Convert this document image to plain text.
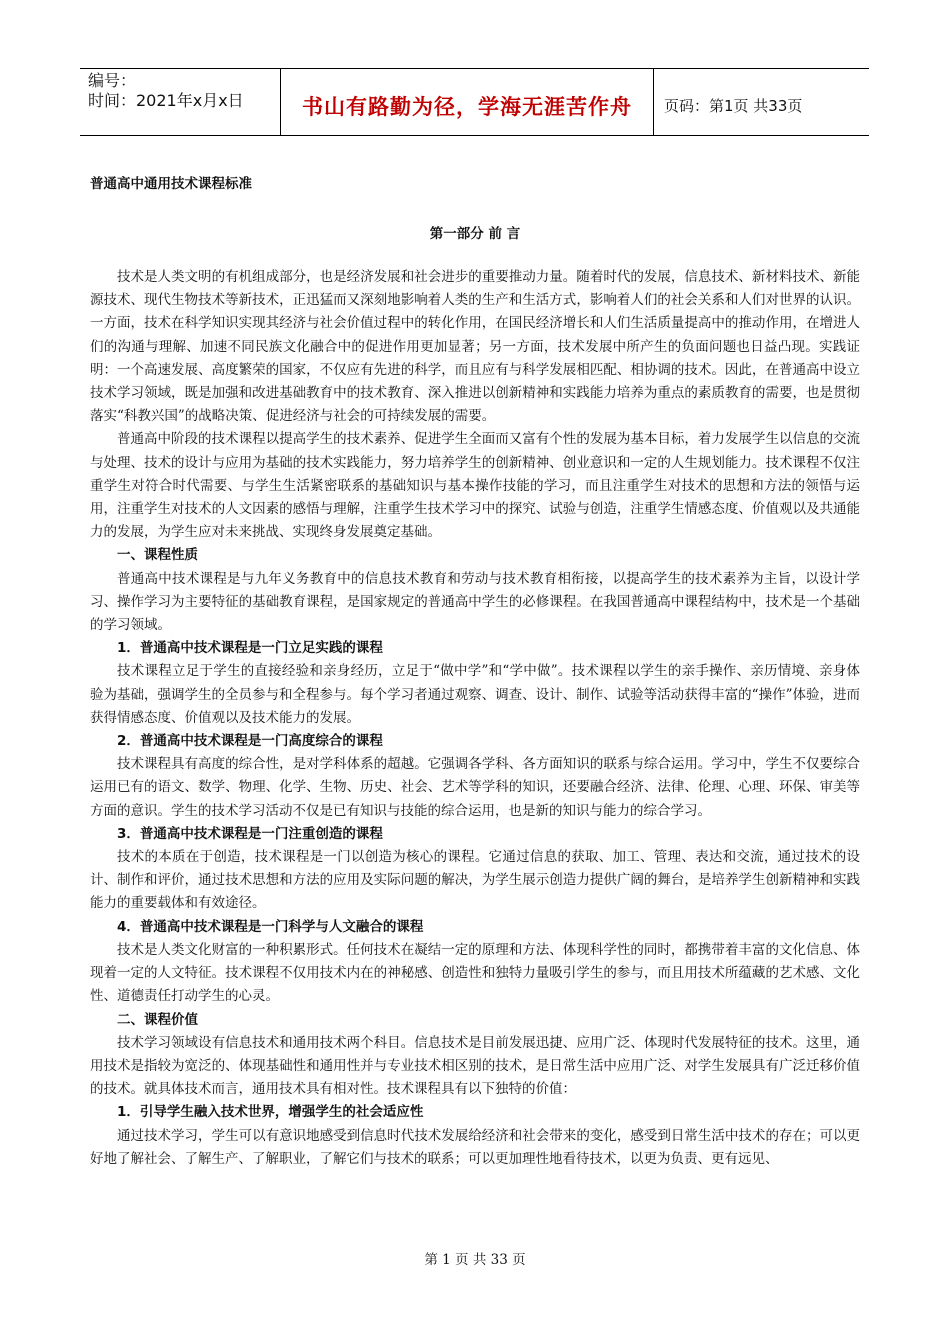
编号：
时间：2021年x月x日	书山有路勤为径，学海无涯苦作舟	页码：第1页 共33页
普通高中通用技术课程标准
第一部分 前 言

技术是人类文明的有机组成部分，也是经济发展和社会进步的重要推动力量。随着时代的发展，信息技术、新材料技术、新能源技术、现代生物技术等新技术，正迅猛而又深刻地影响着人类的生产和生活方式，影响着人们的社会关系和人们对世界的认识。一方面，技术在科学知识实现其经济与社会价值过程中的转化作用，在国民经济增长和人们生活质量提高中的推动作用，在增进人们的沟通与理解、加速不同民族文化融合中的促进作用更加显著；另一方面，技术发展中所产生的负面问题也日益凸现。实践证明：一个高速发展、高度繁荣的国家，不仅应有先进的科学，而且应有与科学发展相匹配、相协调的技术。因此，在普通高中设立技术学习领域，既是加强和改进基础教育中的技术教育、深入推进以创新精神和实践能力培养为重点的素质教育的需要，也是贯彻落实“科教兴国”的战略决策、促进经济与社会的可持续发展的需要。

普通高中阶段的技术课程以提高学生的技术素养、促进学生全面而又富有个性的发展为基本目标，着力发展学生以信息的交流与处理、技术的设计与应用为基础的技术实践能力，努力培养学生的创新精神、创业意识和一定的人生规划能力。技术课程不仅注重学生对符合时代需要、与学生生活紧密联系的基础知识与基本操作技能的学习，而且注重学生对技术的思想和方法的领悟与运用，注重学生对技术的人文因素的感悟与理解，注重学生技术学习中的探究、试验与创造，注重学生情感态度、价值观以及共通能力的发展，为学生应对未来挑战、实现终身发展奠定基础。

一、课程性质

普通高中技术课程是与九年义务教育中的信息技术教育和劳动与技术教育相衔接，以提高学生的技术素养为主旨，以设计学习、操作学习为主要特征的基础教育课程，是国家规定的普通高中学生的必修课程。在我国普通高中课程结构中，技术是一个基础的学习领域。

1．普通高中技术课程是一门立足实践的课程

技术课程立足于学生的直接经验和亲身经历，立足于“做中学”和“学中做”。技术课程以学生的亲手操作、亲历情境、亲身体验为基础，强调学生的全员参与和全程参与。每个学习者通过观察、调查、设计、制作、试验等活动获得丰富的“操作”体验，进而获得情感态度、价值观以及技术能力的发展。

2．普通高中技术课程是一门高度综合的课程

技术课程具有高度的综合性，是对学科体系的超越。它强调各学科、各方面知识的联系与综合运用。学习中，学生不仅要综合运用已有的语文、数学、物理、化学、生物、历史、社会、艺术等学科的知识，还要融合经济、法律、伦理、心理、环保、审美等方面的意识。学生的技术学习活动不仅是已有知识与技能的综合运用，也是新的知识与能力的综合学习。

3．普通高中技术课程是一门注重创造的课程

技术的本质在于创造，技术课程是一门以创造为核心的课程。它通过信息的获取、加工、管理、表达和交流，通过技术的设计、制作和评价，通过技术思想和方法的应用及实际问题的解决，为学生展示创造力提供广阔的舞台，是培养学生创新精神和实践能力的重要载体和有效途径。

4．普通高中技术课程是一门科学与人文融合的课程

技术是人类文化财富的一种积累形式。任何技术在凝结一定的原理和方法、体现科学性的同时，都携带着丰富的文化信息、体现着一定的人文特征。技术课程不仅用技术内在的神秘感、创造性和独特力量吸引学生的参与，而且用技术所蕴藏的艺术感、文化性、道德责任打动学生的心灵。

二、课程价值

技术学习领域设有信息技术和通用技术两个科目。信息技术是目前发展迅捷、应用广泛、体现时代发展特征的技术。这里，通用技术是指较为宽泛的、体现基础性和通用性并与专业技术相区别的技术，是日常生活中应用广泛、对学生发展具有广泛迁移价值的技术。就具体技术而言，通用技术具有相对性。技术课程具有以下独特的价值：

1．引导学生融入技术世界，增强学生的社会适应性

通过技术学习，学生可以有意识地感受到信息时代技术发展给经济和社会带来的变化，感受到日常生活中技术的存在；可以更好地了解社会、了解生产、了解职业，了解它们与技术的联系；可以更加理性地看待技术，以更为负责、更有远见、

第 1 页 共 33 页
